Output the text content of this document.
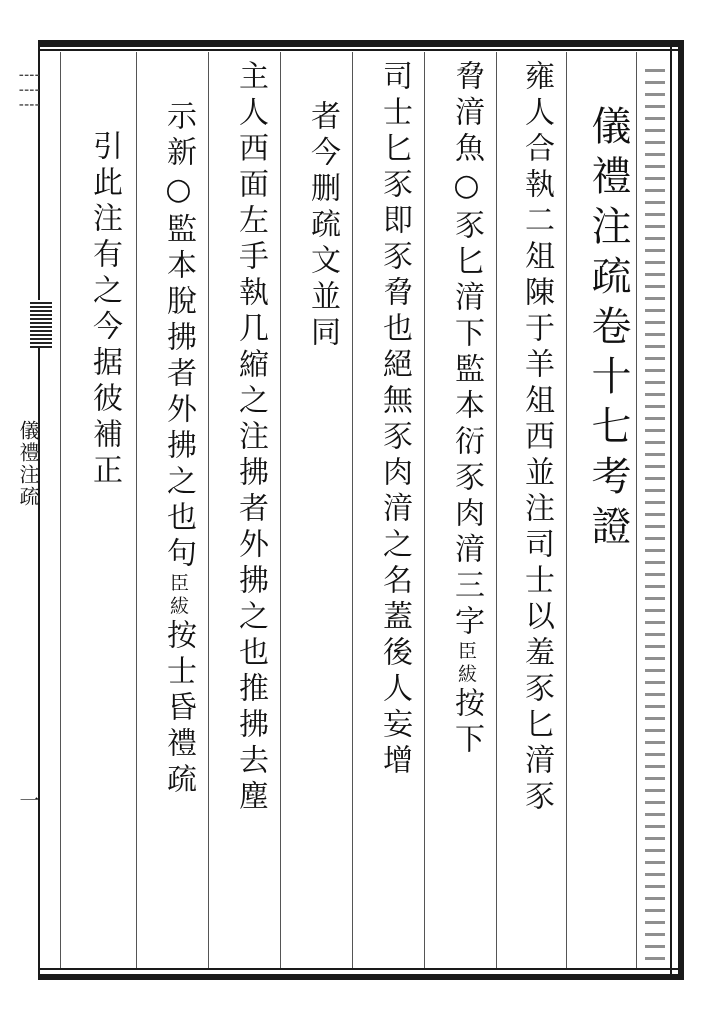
┊┊┊
儀禮注疏
一
儀禮注疏卷十七考證
雍人合執二俎陳于羊俎西並注司士以羞豕匕湇豕
脅湇魚○豕匕湇下監本衍豕肉湇三字臣紱按下
司士匕豕即豕脅也絕無豕肉湇之名蓋後人妄增
者今删疏文並同
主人西面左手執几縮之注拂者外拂之也推拂去塵
示新○監本脫拂者外拂之也句臣紱按士昏禮疏
引此注有之今据彼補正
